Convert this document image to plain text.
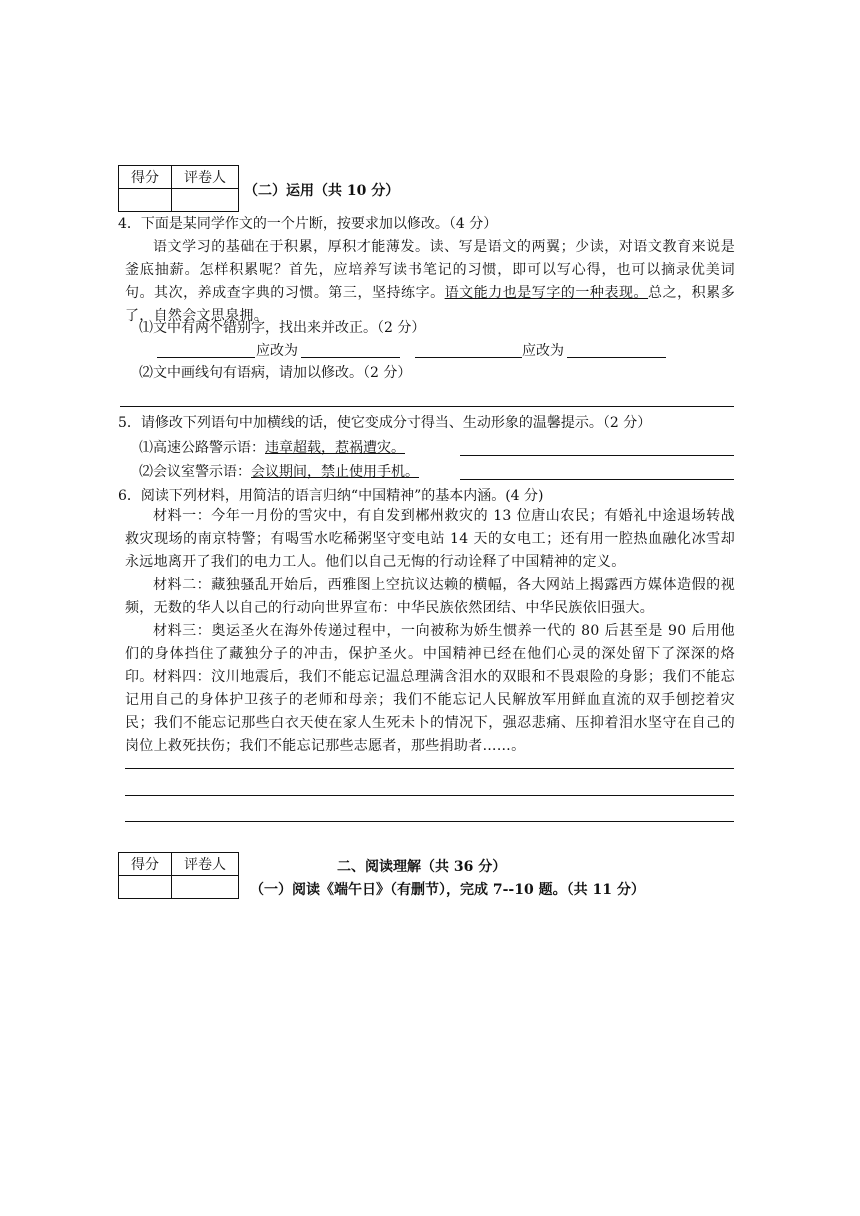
得分	评卷人

（二）运用（共 10 分）
4．下面是某同学作文的一个片断，按要求加以修改。（4 分）
语文学习的基础在于积累，厚积才能薄发。读、写是语文的两翼；少读，对语文教育来说是釜底抽薪。怎样积累呢？首先，应培养写读书笔记的习惯，即可以写心得，也可以摘录优美词句。其次，养成查字典的习惯。第三，坚持练字。语文能力也是写字的一种表现。总之，积累多了，自然会文思泉拥。
⑴文中有两个错别字，找出来并改正。（2 分）
应改为	应改为
⑵文中画线句有语病，请加以修改。（2 分）
5．请修改下列语句中加横线的话，使它变成分寸得当、生动形象的温馨提示。（2 分）
⑴高速公路警示语：违章超载，惹祸遭灾。
⑵会议室警示语：会议期间，禁止使用手机。
6．阅读下列材料，用简洁的语言归纳“中国精神”的基本内涵。(4 分)
材料一：今年一月份的雪灾中，有自发到郴州救灾的 13 位唐山农民；有婚礼中途退场转战救灾现场的南京特警；有喝雪水吃稀粥坚守变电站 14 天的女电工；还有用一腔热血融化冰雪却永远地离开了我们的电力工人。他们以自己无悔的行动诠释了中国精神的定义。
材料二：藏独骚乱开始后，西雅图上空抗议达赖的横幅，各大网站上揭露西方媒体造假的视频，无数的华人以自己的行动向世界宣布：中华民族依然团结、中华民族依旧强大。
材料三：奥运圣火在海外传递过程中，一向被称为娇生惯养一代的 80 后甚至是 90 后用他们的身体挡住了藏独分子的冲击，保护圣火。中国精神已经在他们心灵的深处留下了深深的烙印。 材料四：汶川地震后，我们不能忘记温总理满含泪水的双眼和不畏艰险的身影；我们不能忘记用自己的身体护卫孩子的老师和母亲；我们不能忘记人民解放军用鲜血直流的双手刨挖着灾民；我们不能忘记那些白衣天使在家人生死未卜的情况下，强忍悲痛、压抑着泪水坚守在自己的岗位上救死扶伤；我们不能忘记那些志愿者，那些捐助者……。
得分	评卷人
		二、阅读理解（共 36 分）
（一）阅读《端午日》（有删节），完成 7--10 题。（共 11 分）
